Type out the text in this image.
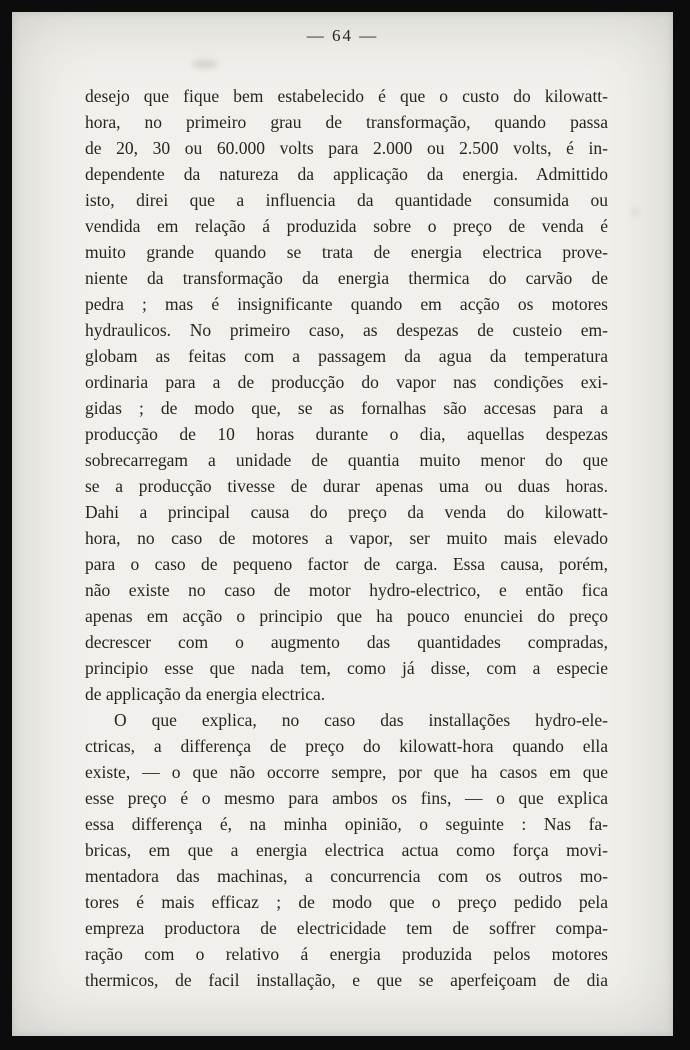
— 64 —
desejo que fique bem estabelecido é que o custo do kilowatt-
hora, no primeiro grau de transformação, quando passa
de 20, 30 ou 60.000 volts para 2.000 ou 2.500 volts, é in-
dependente da natureza da applicação da energia. Admittido
isto, direi que a influencia da quantidade consumida ou
vendida em relação á produzida sobre o preço de venda é
muito grande quando se trata de energia electrica prove-
niente da transformação da energia thermica do carvão de
pedra ; mas é insignificante quando em acção os motores
hydraulicos. No primeiro caso, as despezas de custeio em-
globam as feitas com a passagem da agua da temperatura
ordinaria para a de producção do vapor nas condições exi-
gidas ; de modo que, se as fornalhas são accesas para a
producção de 10 horas durante o dia, aquellas despezas
sobrecarregam a unidade de quantia muito menor do que
se a producção tivesse de durar apenas uma ou duas horas.
Dahi a principal causa do preço da venda do kilowatt-
hora, no caso de motores a vapor, ser muito mais elevado
para o caso de pequeno factor de carga. Essa causa, porém,
não existe no caso de motor hydro-electrico, e então fica
apenas em acção o principio que ha pouco enunciei do preço
decrescer com o augmento das quantidades compradas,
principio esse que nada tem, como já disse, com a especie
de applicação da energia electrica.
O que explica, no caso das installações hydro-ele-
ctricas, a differença de preço do kilowatt-hora quando ella
existe, — o que não occorre sempre, por que ha casos em que
esse preço é o mesmo para ambos os fins, — o que explica
essa differença é, na minha opinião, o seguinte : Nas fa-
bricas, em que a energia electrica actua como força movi-
mentadora das machinas, a concurrencia com os outros mo-
tores é mais efficaz ; de modo que o preço pedido pela
empreza productora de electricidade tem de soffrer compa-
ração com o relativo á energia produzida pelos motores
thermicos, de facil installação, e que se aperfeiçoam de dia
